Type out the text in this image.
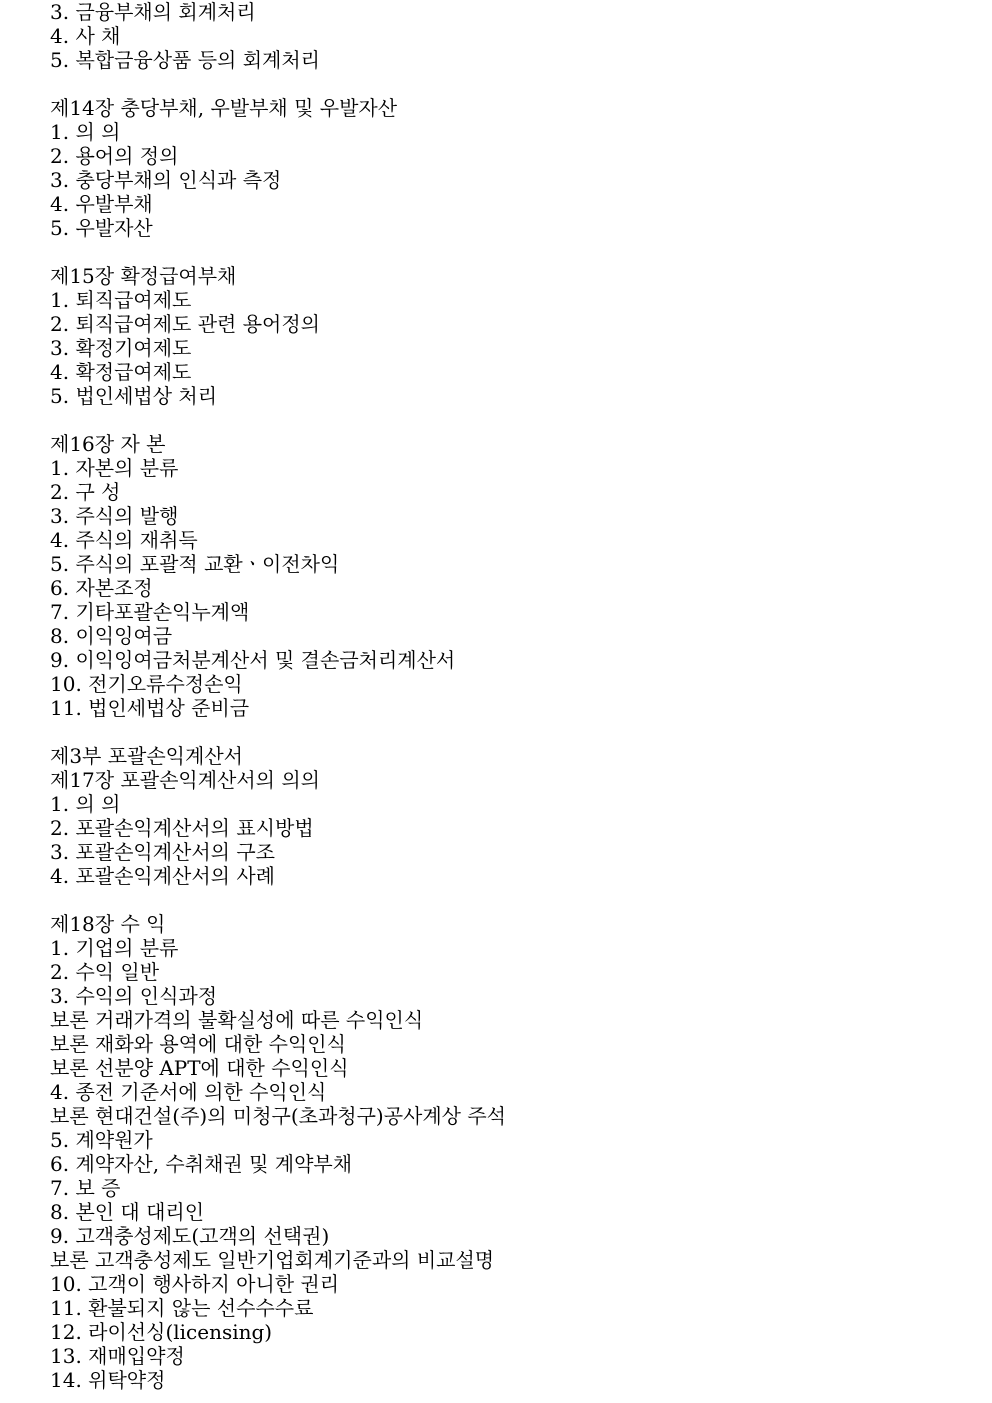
3. 금융부채의 회계처리
4. 사 채
5. 복합금융상품 등의 회계처리
제14장 충당부채, 우발부채 및 우발자산
1. 의 의
2. 용어의 정의
3. 충당부채의 인식과 측정
4. 우발부채
5. 우발자산
제15장 확정급여부채
1. 퇴직급여제도
2. 퇴직급여제도 관련 용어정의
3. 확정기여제도
4. 확정급여제도
5. 법인세법상 처리
제16장 자 본
1. 자본의 분류
2. 구 성
3. 주식의 발행
4. 주식의 재취득
5. 주식의 포괄적 교환ㆍ이전차익
6. 자본조정
7. 기타포괄손익누계액
8. 이익잉여금
9. 이익잉여금처분계산서 및 결손금처리계산서
10. 전기오류수정손익
11. 법인세법상 준비금
제3부 포괄손익계산서
제17장 포괄손익계산서의 의의
1. 의 의
2. 포괄손익계산서의 표시방법
3. 포괄손익계산서의 구조
4. 포괄손익계산서의 사례
제18장 수 익
1. 기업의 분류
2. 수익 일반
3. 수익의 인식과정
보론 거래가격의 불확실성에 따른 수익인식
보론 재화와 용역에 대한 수익인식
보론 선분양 APT에 대한 수익인식
4. 종전 기준서에 의한 수익인식
보론 현대건설(주)의 미청구(초과청구)공사계상 주석
5. 계약원가
6. 계약자산, 수취채권 및 계약부채
7. 보 증
8. 본인 대 대리인
9. 고객충성제도(고객의 선택권)
보론 고객충성제도 일반기업회계기준과의 비교설명
10. 고객이 행사하지 아니한 권리
11. 환불되지 않는 선수수수료
12. 라이선싱(licensing)
13. 재매입약정
14. 위탁약정
